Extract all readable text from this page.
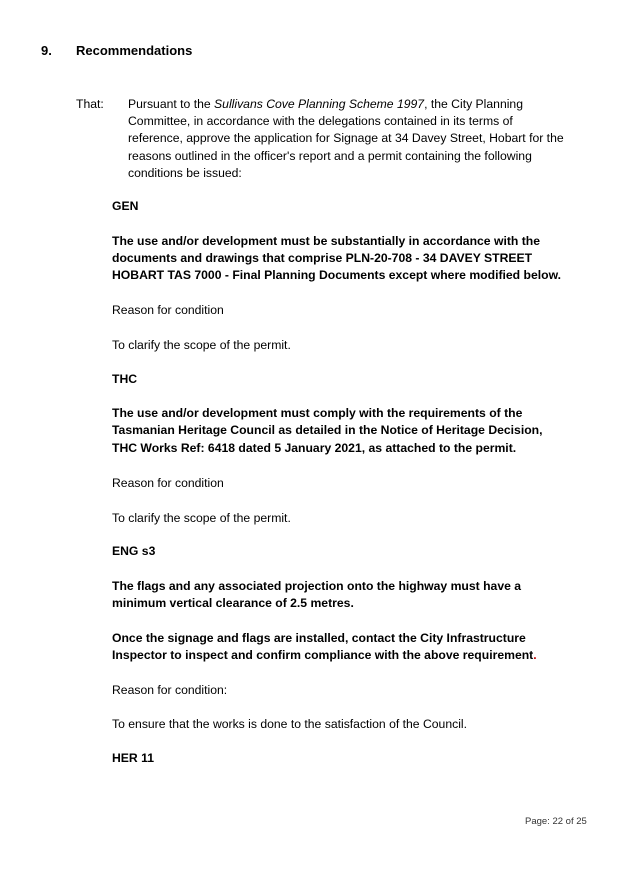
9. Recommendations
That: Pursuant to the Sullivans Cove Planning Scheme 1997, the City Planning
Committee, in accordance with the delegations contained in its terms of
reference, approve the application for Signage at 34 Davey Street, Hobart for the
reasons outlined in the officer's report and a permit containing the following
conditions be issued:
GEN
The use and/or development must be substantially in accordance with the
documents and drawings that comprise PLN-20-708 - 34 DAVEY STREET
HOBART TAS 7000 - Final Planning Documents except where modified below.
Reason for condition
To clarify the scope of the permit.
THC
The use and/or development must comply with the requirements of the
Tasmanian Heritage Council as detailed in the Notice of Heritage Decision,
THC Works Ref: 6418 dated 5 January 2021, as attached to the permit.
Reason for condition
To clarify the scope of the permit.
ENG s3
The flags and any associated projection onto the highway must have a
minimum vertical clearance of 2.5 metres.
Once the signage and flags are installed, contact the City Infrastructure
Inspector to inspect and confirm compliance with the above requirement.
Reason for condition:
To ensure that the works is done to the satisfaction of the Council.
HER 11
Page: 22 of 25
